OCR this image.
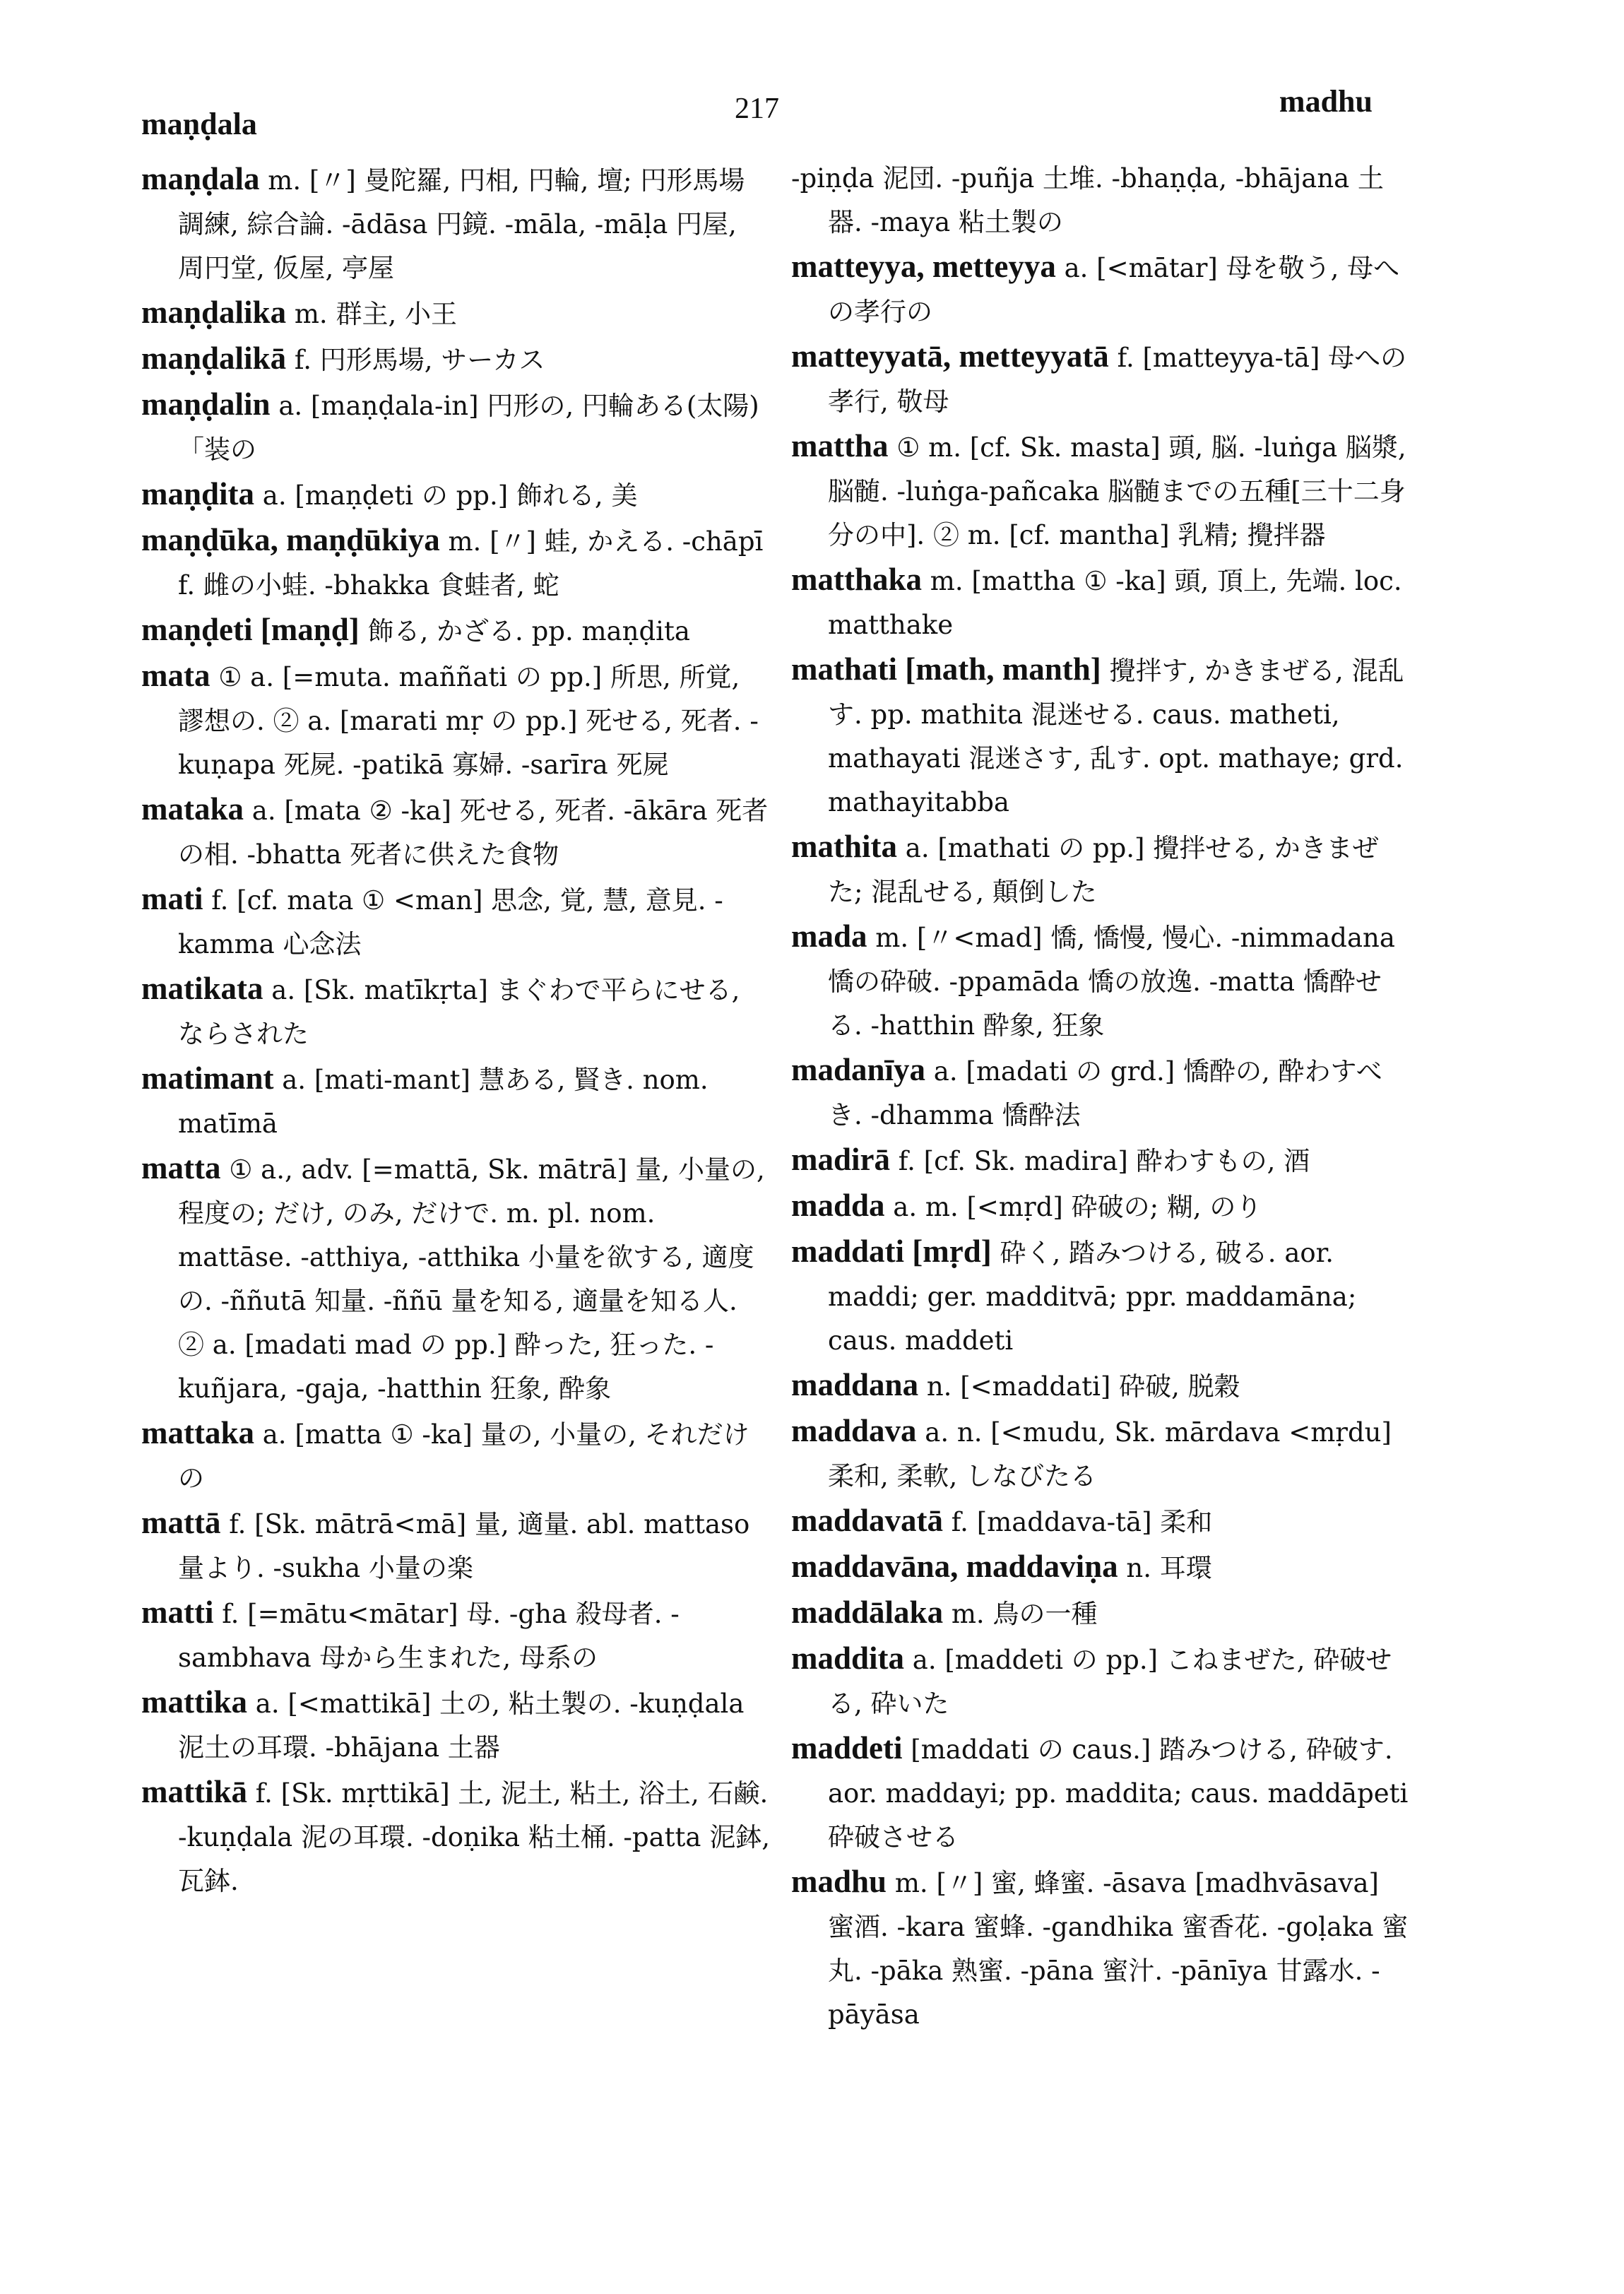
maṇḍala	217	madhu

maṇḍala m. [〃] 曼陀羅, 円相, 円輪, 壇; 円形馬場調練, 綜合論. -ādāsa 円鏡. -māla, -māḷa 円屋, 周円堂, 仮屋, 亭屋

maṇḍalika m. 群主, 小王

maṇḍalikā f. 円形馬場, サーカス

maṇḍalin a. [maṇḍala-in] 円形の, 円輪ある(太陽)　　　　「装の

maṇḍita a. [maṇḍeti の pp.] 飾れる, 美

maṇḍūka, maṇḍūkiya m. [〃] 蛙, かえる. -chāpī f. 雌の小蛙. -bhakka 食蛙者, 蛇

maṇḍeti [maṇḍ] 飾る, かざる. pp. maṇḍita

mata ① a. [=muta. maññati の pp.] 所思, 所覚, 謬想の. ② a. [marati mṛ の pp.] 死せる, 死者. -kuṇapa 死屍. -patikā 寡婦. -sarīra 死屍

mataka a. [mata ② -ka] 死せる, 死者. -ākāra 死者の相. -bhatta 死者に供えた食物

mati f. [cf. mata ① <man] 思念, 覚, 慧, 意見. -kamma 心念法

matikata a. [Sk. matīkṛta] まぐわで平らにせる, ならされた

matimant a. [mati-mant] 慧ある, 賢き. nom. matīmā

matta ① a., adv. [=mattā, Sk. mātrā] 量, 小量の, 程度の; だけ, のみ, だけで. m. pl. nom. mattāse. -atthiya, -atthika 小量を欲する, 適度の. -ññutā 知量. -ññū 量を知る, 適量を知る人. ② a. [madati mad の pp.] 酔った, 狂った. -kuñjara, -gaja, -hatthin 狂象, 酔象

mattaka a. [matta ① -ka] 量の, 小量の, それだけの

mattā f. [Sk. mātrā<mā] 量, 適量. abl. mattaso 量より. -sukha 小量の楽

matti f. [=mātu<mātar] 母. -gha 殺母者. -sambhava 母から生まれた, 母系の

mattika a. [<mattikā] 土の, 粘土製の. -kuṇḍala 泥土の耳環. -bhājana 土器

mattikā f. [Sk. mṛttikā] 土, 泥土, 粘土, 浴土, 石鹸. -kuṇḍala 泥の耳環. -doṇika 粘土桶. -patta 泥鉢, 瓦鉢.

-piṇḍa 泥団. -puñja 土堆. -bhaṇḍa, -bhājana 土器. -maya 粘土製の

matteyya, metteyya a. [<mātar] 母を敬う, 母への孝行の

matteyyatā, metteyyatā f. [matteyya-tā] 母への孝行, 敬母

mattha ① m. [cf. Sk. masta] 頭, 脳. -luṅga 脳漿, 脳髄. -luṅga-pañcaka 脳髄までの五種[三十二身分の中]. ② m. [cf. mantha] 乳精; 攪拌器

matthaka m. [mattha ① -ka] 頭, 頂上, 先端. loc. matthake

mathati [math, manth] 攪拌す, かきまぜる, 混乱す. pp. mathita 混迷せる. caus. matheti, mathayati 混迷さす, 乱す. opt. mathaye; grd. mathayitabba

mathita a. [mathati の pp.] 攪拌せる, かきまぜた; 混乱せる, 顛倒した

mada m. [〃<mad] 憍, 憍慢, 慢心. -nimmadana 憍の砕破. -ppamāda 憍の放逸. -matta 憍酔せる. -hatthin 酔象, 狂象

madanīya a. [madati の grd.] 憍酔の, 酔わすべき. -dhamma 憍酔法

madirā f. [cf. Sk. madira] 酔わすもの, 酒

madda a. m. [<mṛd] 砕破の; 糊, のり

maddati [mṛd] 砕く, 踏みつける, 破る. aor. maddi; ger. madditvā; ppr. maddamāna; caus. maddeti

maddana n. [<maddati] 砕破, 脱穀

maddava a. n. [<mudu, Sk. mārdava <mṛdu] 柔和, 柔軟, しなびたる

maddavatā f. [maddava-tā] 柔和

maddavāna, maddaviṇa n. 耳環

maddālaka m. 鳥の一種

maddita a. [maddeti の pp.] こねまぜた, 砕破せる, 砕いた

maddeti [maddati の caus.] 踏みつける, 砕破す. aor. maddayi; pp. maddita; caus. maddāpeti 砕破させる

madhu m. [〃] 蜜, 蜂蜜. -āsava [madhvāsava] 蜜酒. -kara 蜜蜂. -gandhika 蜜香花. -goḷaka 蜜丸. -pāka 熟蜜. -pāna 蜜汁. -pānīya 甘露水. -pāyāsa
